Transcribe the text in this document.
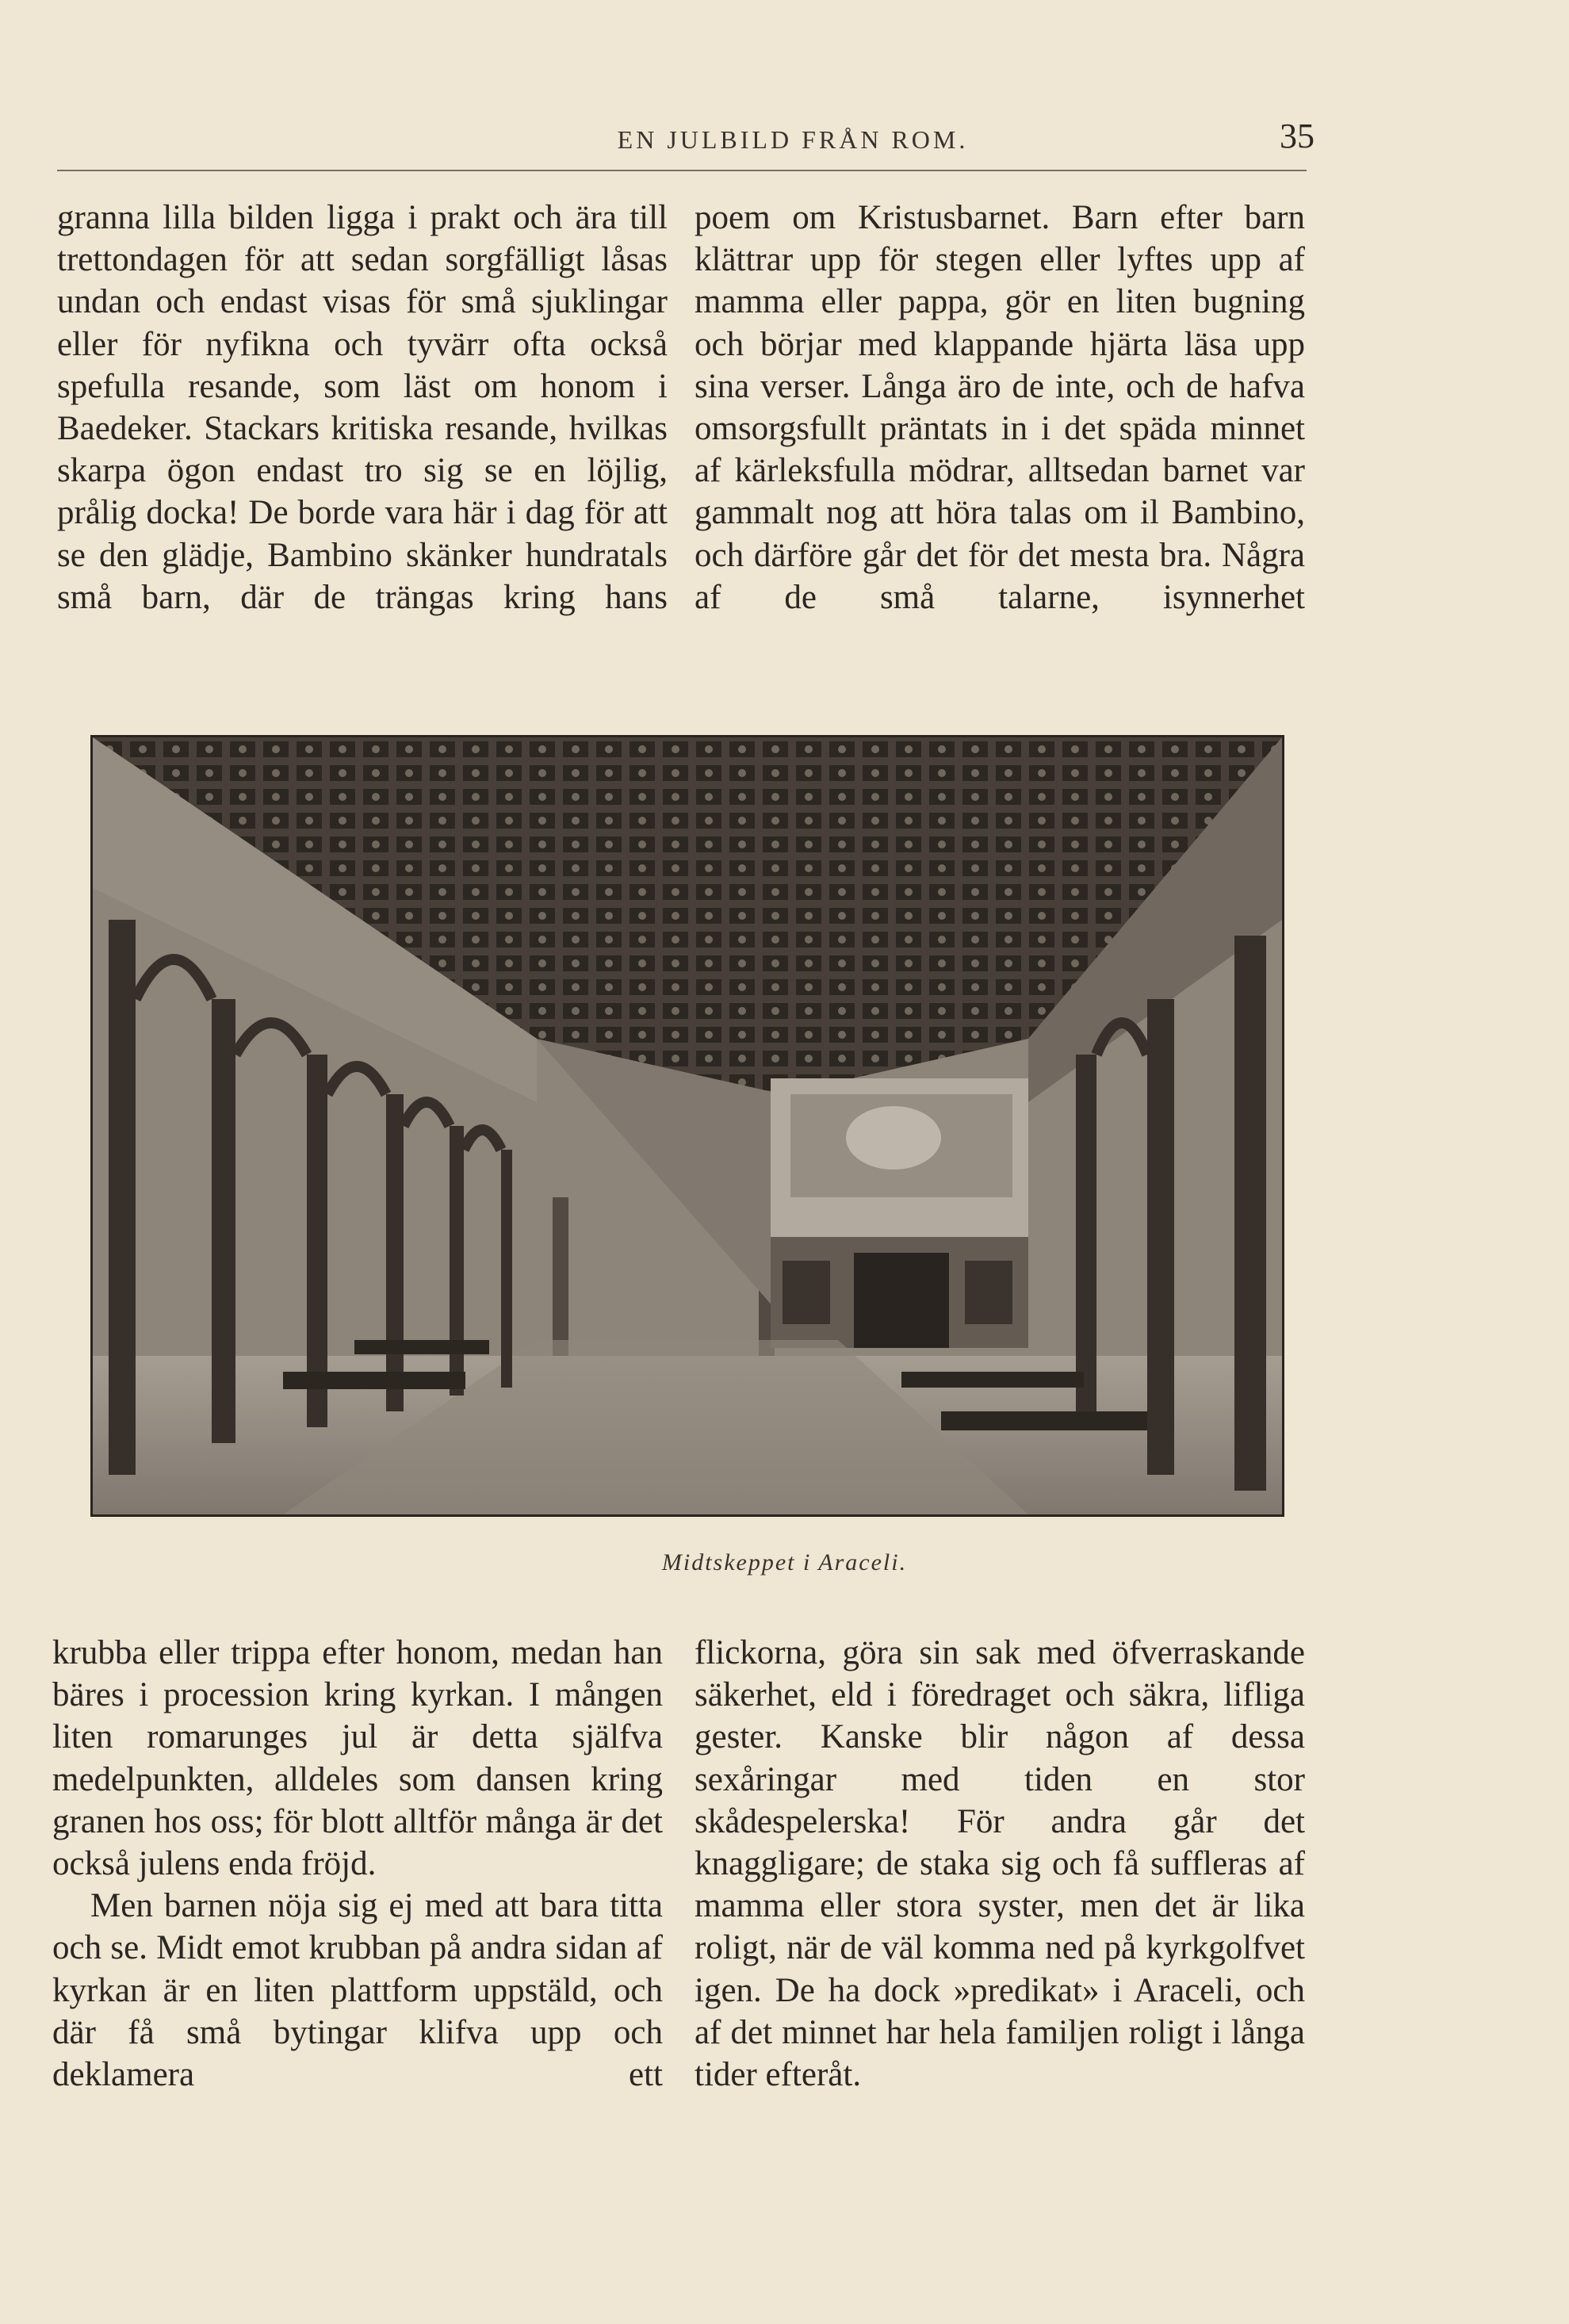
EN JULBILD FRÅN ROM.	35

granna lilla bilden ligga i prakt och ära till trettondagen för att sedan sorgfälligt låsas undan och endast visas för små sjuklingar eller för nyfikna och tyvärr ofta också spefulla resande, som läst om honom i Baedeker. Stackars kritiska resande, hvilkas skarpa ögon endast tro sig se en löjlig, prålig docka! De borde vara här i dag för att se den glädje, Bambino skänker hundratals små barn, där de trängas kring hans

poem om Kristusbarnet. Barn efter barn klättrar upp för stegen eller lyftes upp af mamma eller pappa, gör en liten bugning och börjar med klappande hjärta läsa upp sina verser. Långa äro de inte, och de hafva omsorgsfullt präntats in i det späda minnet af kärleksfulla mödrar, alltsedan barnet var gammalt nog att höra talas om il Bambino, och därföre går det för det mesta bra. Några af de små talarne, isynnerhet

Midtskeppet i Araceli.

krubba eller trippa efter honom, medan han bäres i procession kring kyrkan. I mången liten romarunges jul är detta själfva medelpunkten, alldeles som dansen kring granen hos oss; för blott alltför många är det också julens enda fröjd.

Men barnen nöja sig ej med att bara titta och se. Midt emot krubban på andra sidan af kyrkan är en liten plattform uppstäld, och där få små bytingar klifva upp och deklamera ett

flickorna, göra sin sak med öfverraskande säkerhet, eld i föredraget och säkra, lifliga gester. Kanske blir någon af dessa sexåringar med tiden en stor skådespelerska! För andra går det knaggligare; de staka sig och få suffleras af mamma eller stora syster, men det är lika roligt, när de väl komma ned på kyrkgolfvet igen. De ha dock »predikat» i Araceli, och af det minnet har hela familjen roligt i långa tider efteråt.
